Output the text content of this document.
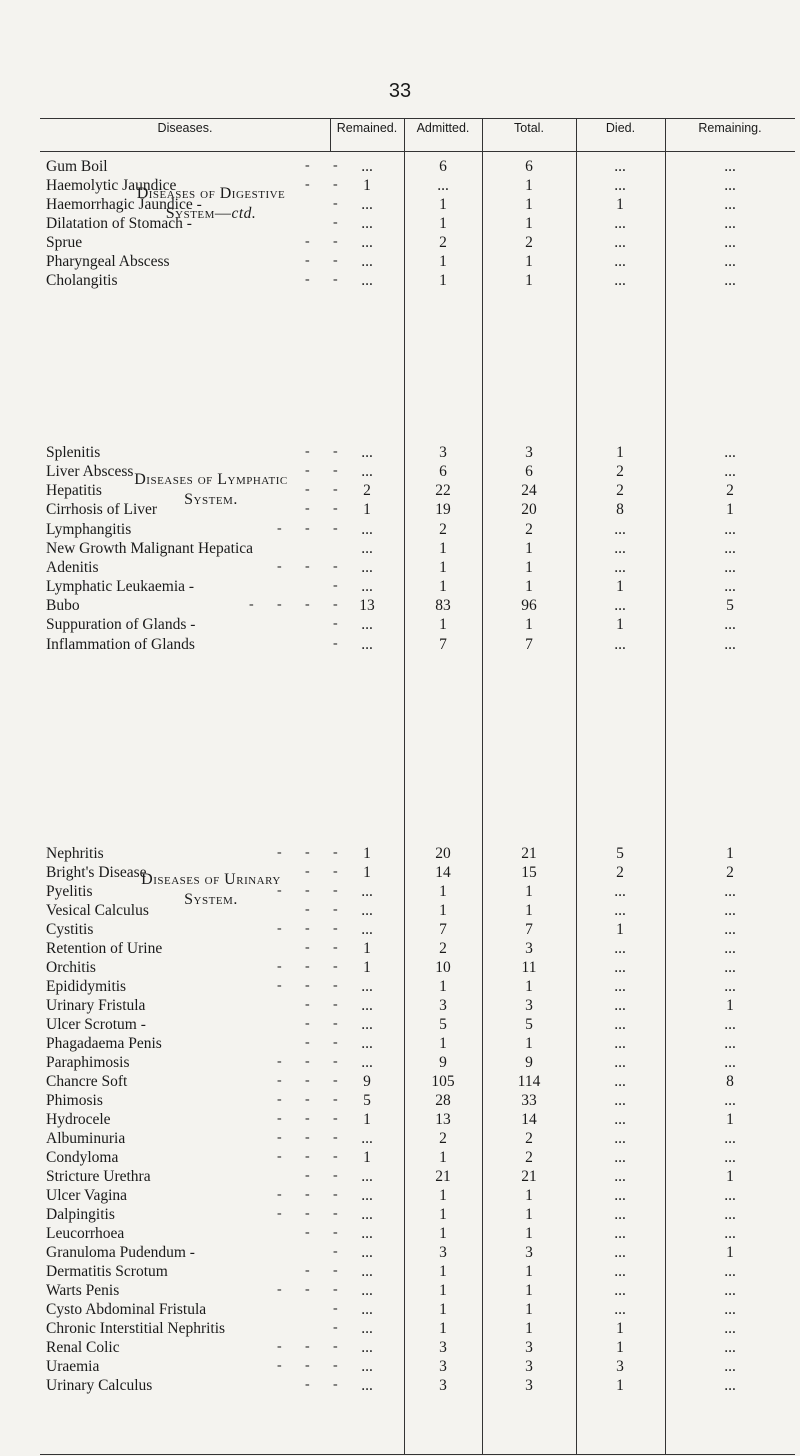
33
Diseases.	Remained.	Admitted.	Total.	Died.	Remaining.
Diseases of Digestive
System—ctd.
Gum Boil	- -	...	6	6	...	...
Haemolytic Jaundice	- -	1	...	1	...	...
Haemorrhagic Jaundice -	-	...	1	1	1	...
Dilatation of Stomach -	-	...	1	1	...	...
Sprue	- -	...	2	2	...	...
Pharyngeal Abscess	- -	...	1	1	...	...
Cholangitis	- -	...	1	1	...	...
Diseases of Lymphatic
System.
Splenitis	- -	...	3	3	1	...
Liver Abscess	- -	...	6	6	2	...
Hepatitis	- -	2	22	24	2	2
Cirrhosis of Liver	- -	1	19	20	8	1
Lymphangitis	- - -	...	2	2	...	...
New Growth Malignant Hepatica	...	1	1	...	...
Adenitis	- - -	...	1	1	...	...
Lymphatic Leukaemia -	-	...	1	1	1	...
Bubo	- - - -	13	83	96	...	5
Suppuration of Glands -	-	...	1	1	1	...
Inflammation of Glands	-	...	7	7	...	...
Diseases of Urinary
System.
Nephritis	- - -	1	20	21	5	1
Bright's Disease	- -	1	14	15	2	2
Pyelitis	- - -	...	1	1	...	...
Vesical Calculus	- -	...	1	1	...	...
Cystitis	- - -	...	7	7	1	...
Retention of Urine	- -	1	2	3	...	...
Orchitis	- - -	1	10	11	...	...
Epididymitis	- - -	...	1	1	...	...
Urinary Fristula	- -	...	3	3	...	1
Ulcer Scrotum -	- -	...	5	5	...	...
Phagadaema Penis	- -	...	1	1	...	...
Paraphimosis	- - -	...	9	9	...	...
Chancre Soft	- - -	9	105	114	...	8
Phimosis	- - -	5	28	33	...	...
Hydrocele	- - -	1	13	14	...	1
Albuminuria	- - -	...	2	2	...	...
Condyloma	- - -	1	1	2	...	...
Stricture Urethra	- -	...	21	21	...	1
Ulcer Vagina	- - -	...	1	1	...	...
Dalpingitis	- - -	...	1	1	...	...
Leucorrhoea	- -	...	1	1	...	...
Granuloma Pudendum -	-	...	3	3	...	1
Dermatitis Scrotum	- -	...	1	1	...	...
Warts Penis	- - -	...	1	1	...	...
Cysto Abdominal Fristula	-	...	1	1	...	...
Chronic Interstitial Nephritis	-	...	1	1	1	...
Renal Colic	- - -	...	3	3	1	...
Uraemia	- - -	...	3	3	3	...
Urinary Calculus	- -	...	3	3	1	...
